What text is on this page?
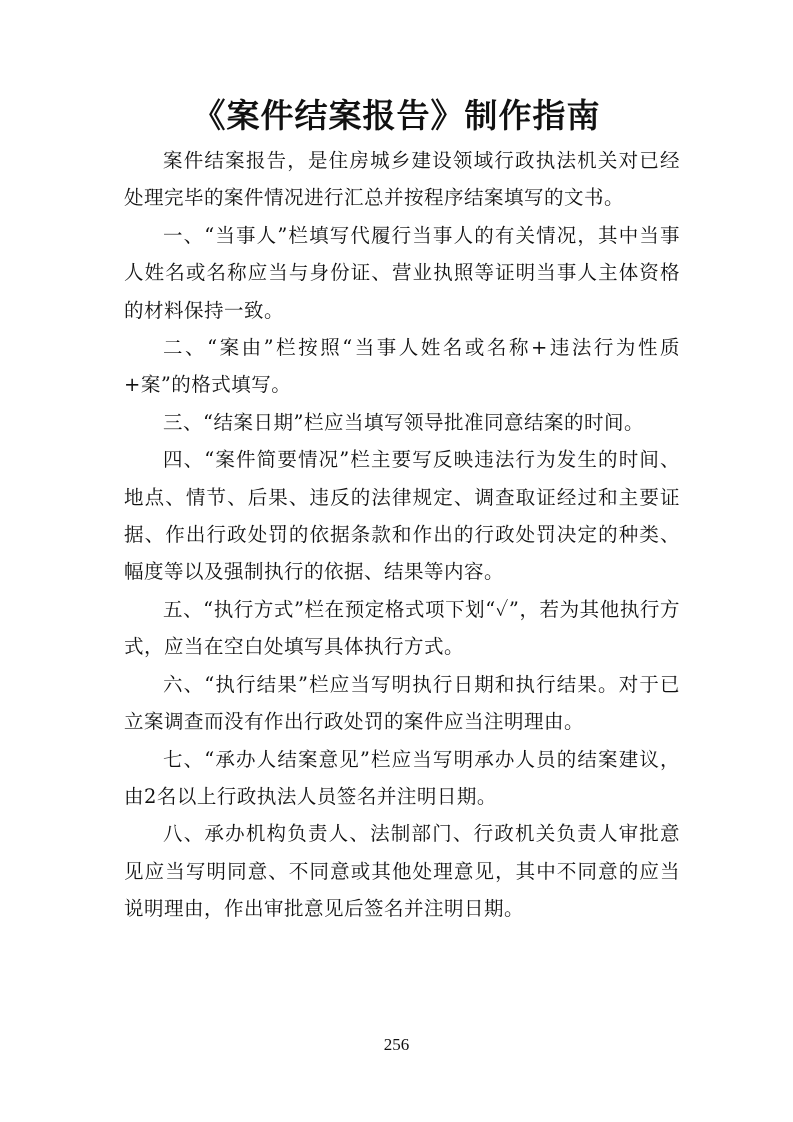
《案件结案报告》制作指南

案件结案报告，是住房城乡建设领域行政执法机关对已经处理完毕的案件情况进行汇总并按程序结案填写的文书。

一、“当事人”栏填写代履行当事人的有关情况，其中当事人姓名或名称应当与身份证、营业执照等证明当事人主体资格的材料保持一致。

二、“案由”栏按照“当事人姓名或名称+违法行为性质+案”的格式填写。

三、“结案日期”栏应当填写领导批准同意结案的时间。

四、“案件简要情况”栏主要写反映违法行为发生的时间、地点、情节、后果、违反的法律规定、调查取证经过和主要证据、作出行政处罚的依据条款和作出的行政处罚决定的种类、幅度等以及强制执行的依据、结果等内容。

五、“执行方式”栏在预定格式项下划“✓”，若为其他执行方式，应当在空白处填写具体执行方式。

六、“执行结果”栏应当写明执行日期和执行结果。对于已立案调查而没有作出行政处罚的案件应当注明理由。

七、“承办人结案意见”栏应当写明承办人员的结案建议，由2名以上行政执法人员签名并注明日期。

八、承办机构负责人、法制部门、行政机关负责人审批意见应当写明同意、不同意或其他处理意见，其中不同意的应当说明理由，作出审批意见后签名并注明日期。

256
